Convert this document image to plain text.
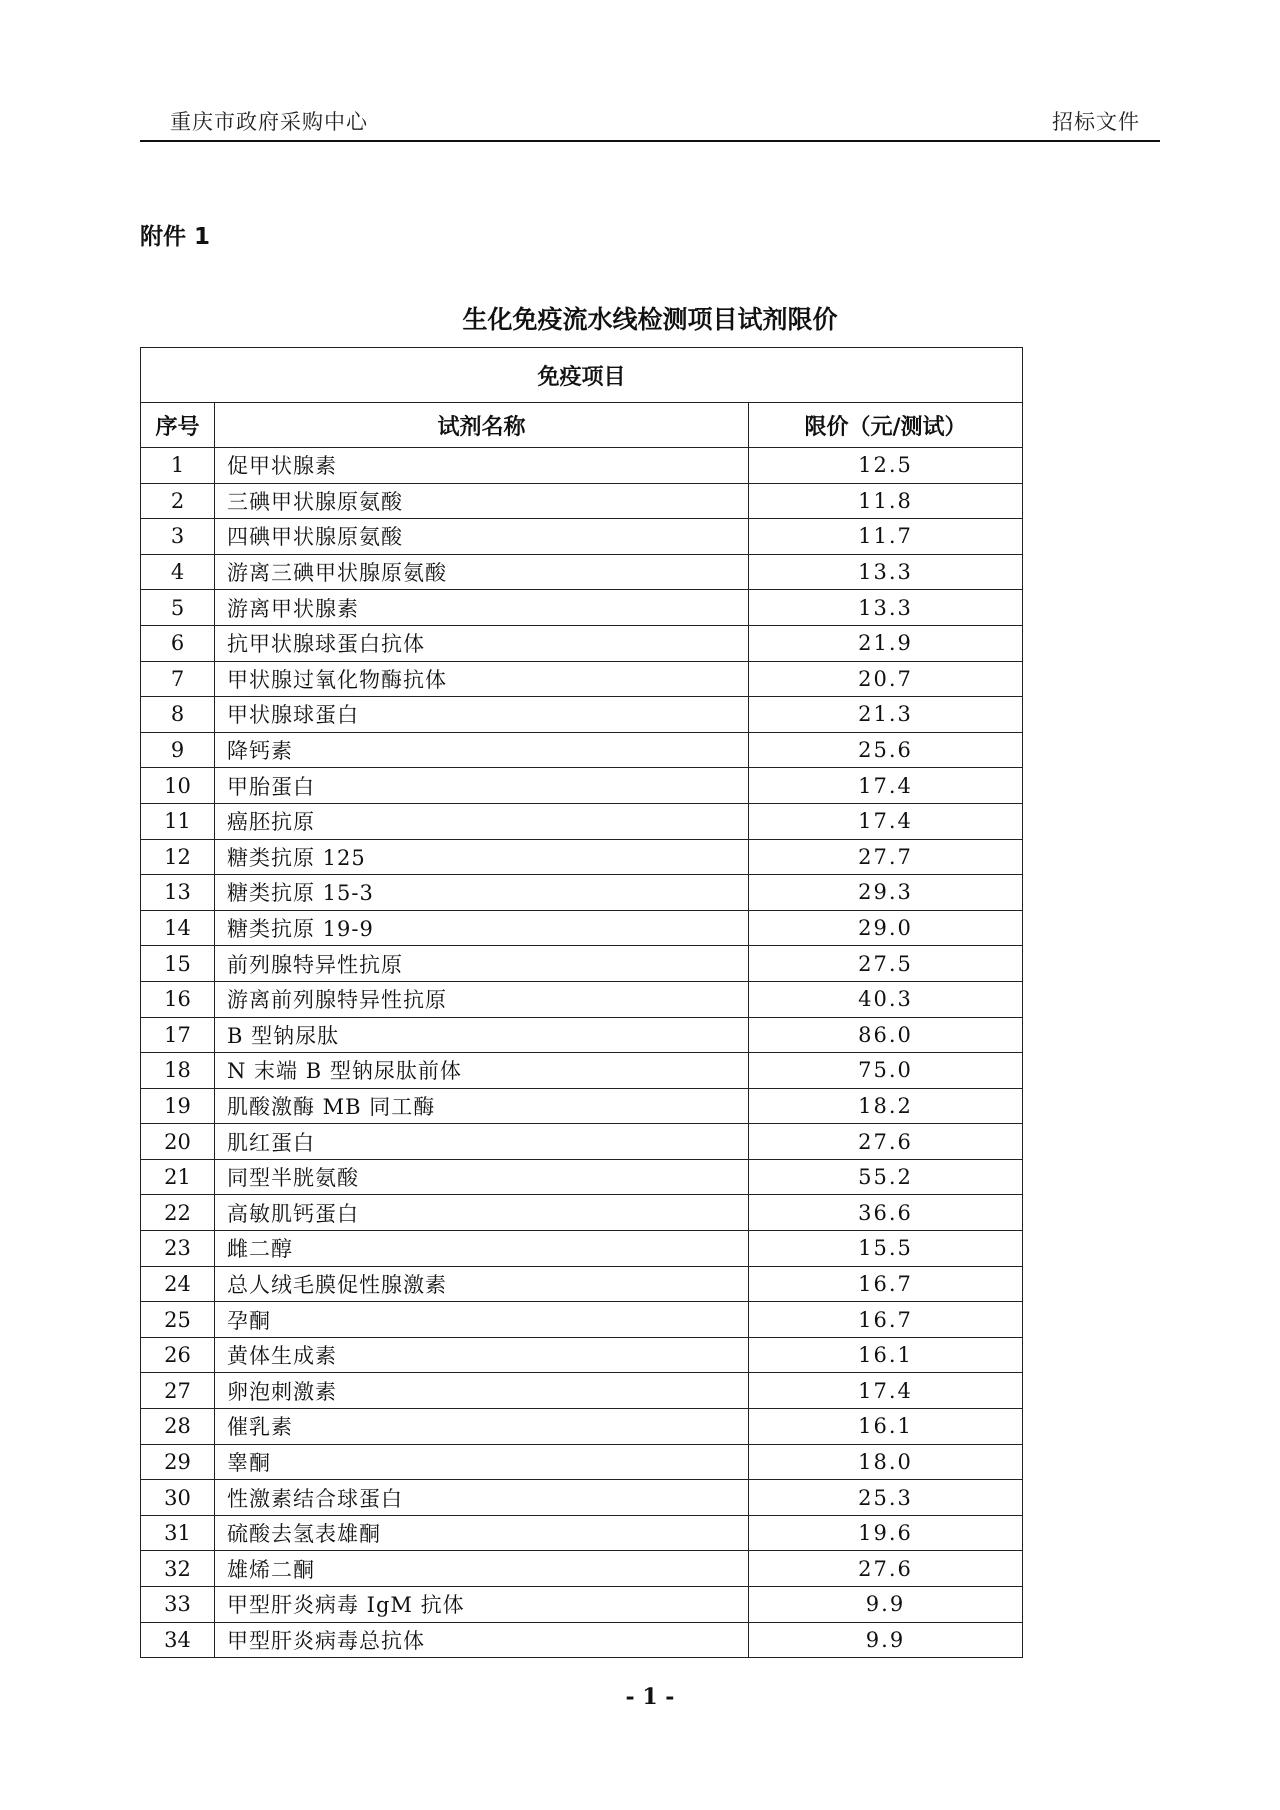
重庆市政府采购中心	招标文件
附件 1
生化免疫流水线检测项目试剂限价
免疫项目		
序号	试剂名称	限价（元/测试）
1	促甲状腺素	12.5
2	三碘甲状腺原氨酸	11.8
3	四碘甲状腺原氨酸	11.7
4	游离三碘甲状腺原氨酸	13.3
5	游离甲状腺素	13.3
6	抗甲状腺球蛋白抗体	21.9
7	甲状腺过氧化物酶抗体	20.7
8	甲状腺球蛋白	21.3
9	降钙素	25.6
10	甲胎蛋白	17.4
11	癌胚抗原	17.4
12	糖类抗原 125	27.7
13	糖类抗原 15-3	29.3
14	糖类抗原 19-9	29.0
15	前列腺特异性抗原	27.5
16	游离前列腺特异性抗原	40.3
17	B 型钠尿肽	86.0
18	N 末端 B 型钠尿肽前体	75.0
19	肌酸激酶 MB 同工酶	18.2
20	肌红蛋白	27.6
21	同型半胱氨酸	55.2
22	高敏肌钙蛋白	36.6
23	雌二醇	15.5
24	总人绒毛膜促性腺激素	16.7
25	孕酮	16.7
26	黄体生成素	16.1
27	卵泡刺激素	17.4
28	催乳素	16.1
29	睾酮	18.0
30	性激素结合球蛋白	25.3
31	硫酸去氢表雄酮	19.6
32	雄烯二酮	27.6
33	甲型肝炎病毒 IgM 抗体	9.9
34	甲型肝炎病毒总抗体	9.9
- 1 -
